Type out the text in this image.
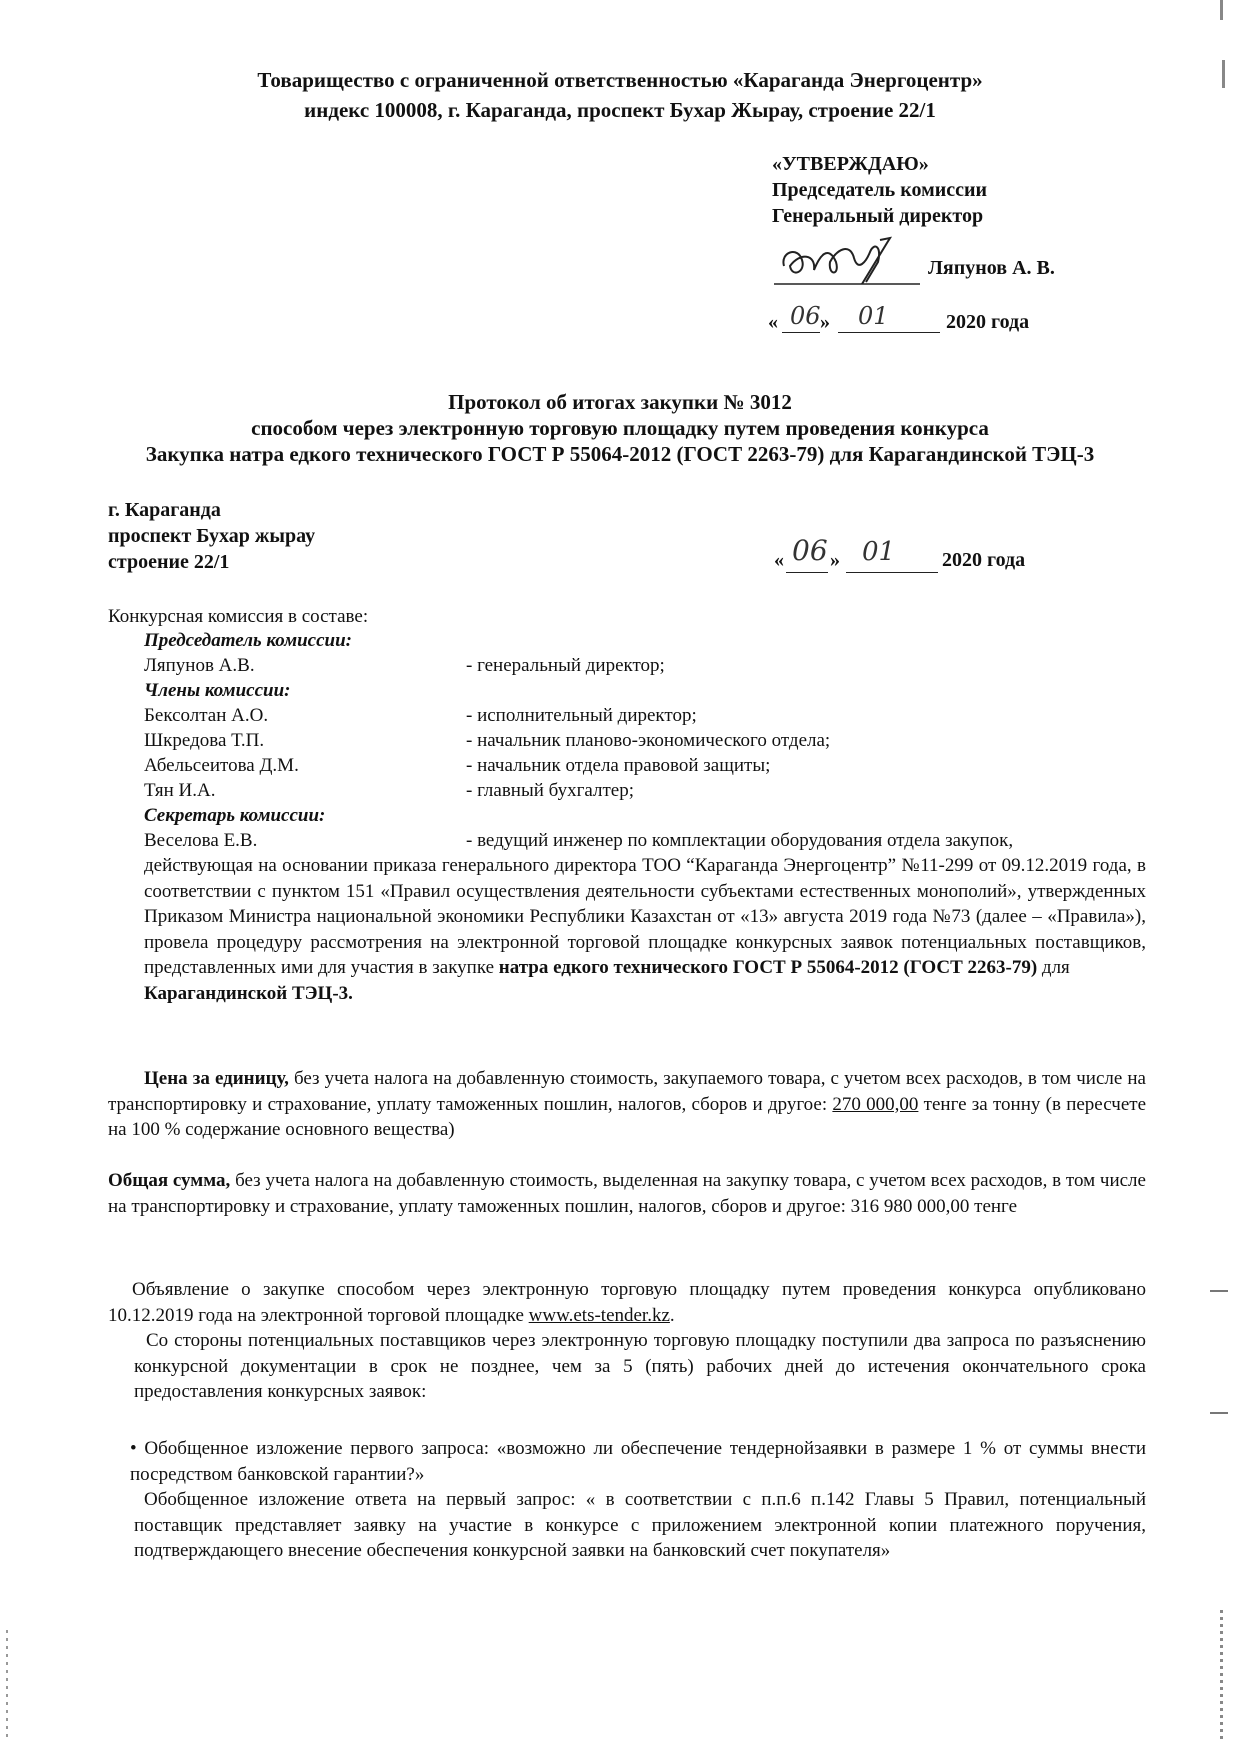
Товарищество с ограниченной ответственностью «Караганда Энергоцентр»
индекс 100008, г. Караганда, проспект Бухар Жырау, строение 22/1
«УТВЕРЖДАЮ»
Председатель комиссии
Генеральный директор
Ляпунов А. В.
« 06 » 01	2020 года
Протокол об итогах закупки № 3012
способом через электронную торговую площадку путем проведения конкурса
Закупка натра едкого технического ГОСТ Р 55064-2012 (ГОСТ 2263-79) для Карагандинской ТЭЦ-3
г. Караганда
проспект Бухар жырау
строение 22/1	« 06 » 01 2020 года
Конкурсная комиссия в составе:
Председатель комиссии:
Ляпунов А.В.	- генеральный директор;
Члены комиссии:
Бексолтан А.О.	- исполнительный директор;
Шкредова Т.П.	- начальник планово-экономического отдела;
Абельсеитова Д.М.	- начальник отдела правовой защиты;
Тян И.А.	- главный бухгалтер;
Секретарь комиссии:
Веселова Е.В.	- ведущий инженер по комплектации оборудования отдела закупок,
действующая на основании приказа генерального директора ТОО “Караганда Энергоцентр” №11-299 от 09.12.2019 года, в соответствии с пунктом 151 «Правил осуществления деятельности субъектами естественных монополий», утвержденных Приказом Министра национальной экономики Республики Казахстан от «13» августа 2019 года №73 (далее – «Правила»), провела процедуру рассмотрения на электронной торговой площадке конкурсных заявок потенциальных поставщиков, представленных ими для участия в закупке натра едкого технического ГОСТ Р 55064-2012 (ГОСТ 2263-79) для
Карагандинской ТЭЦ-3.
Цена за единицу, без учета налога на добавленную стоимость, закупаемого товара, с учетом всех расходов, в том числе на транспортировку и страхование, уплату таможенных пошлин, налогов, сборов и другое: 270 000,00 тенге за тонну (в пересчете на 100 % содержание основного вещества)
Общая сумма, без учета налога на добавленную стоимость, выделенная на закупку товара, с учетом всех расходов, в том числе на транспортировку и страхование, уплату таможенных пошлин, налогов, сборов и другое: 316 980 000,00 тенге
Объявление о закупке способом через электронную торговую площадку путем проведения конкурса опубликовано 10.12.2019 года на электронной торговой площадке www.ets-tender.kz.
Со стороны потенциальных поставщиков через электронную торговую площадку поступили два запроса по разъяснению конкурсной документации в срок не позднее, чем за 5 (пять) рабочих дней до истечения окончательного срока предоставления конкурсных заявок:
• Обобщенное изложение первого запроса: «возможно ли обеспечение тендернойзаявки в размере 1 % от суммы внести посредством банковской гарантии?»
Обобщенное изложение ответа на первый запрос: « в соответствии с п.п.6 п.142 Главы 5 Правил, потенциальный поставщик представляет заявку на участие в конкурсе с приложением электронной копии платежного поручения, подтверждающего внесение обеспечения конкурсной заявки на банковский счет покупателя»
